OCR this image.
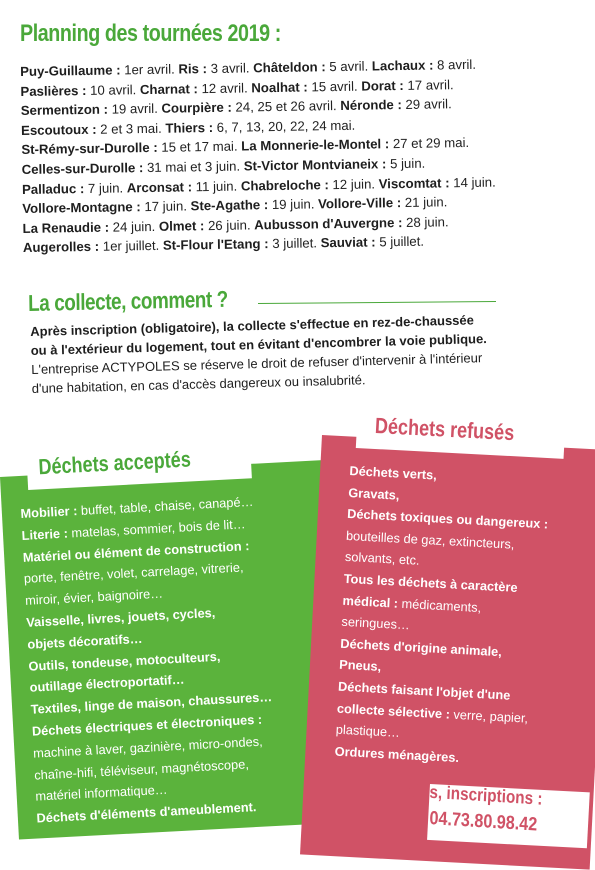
Planning des tournées 2019 :
Puy-Guillaume : 1er avril. Ris : 3 avril. Châteldon : 5 avril. Lachaux : 8 avril.
Paslières : 10 avril. Charnat : 12 avril. Noalhat : 15 avril. Dorat : 17 avril.
Sermentizon : 19 avril. Courpière : 24, 25 et 26 avril. Néronde : 29 avril.
Escoutoux : 2 et 3 mai. Thiers : 6, 7, 13, 20, 22, 24 mai.
St-Rémy-sur-Durolle : 15 et 17 mai. La Monnerie-le-Montel : 27 et 29 mai.
Celles-sur-Durolle : 31 mai et 3 juin. St-Victor Montvianeix : 5 juin.
Palladuc : 7 juin. Arconsat : 11 juin. Chabreloche : 12 juin. Viscomtat : 14 juin.
Vollore-Montagne : 17 juin. Ste-Agathe : 19 juin. Vollore-Ville : 21 juin.
La Renaudie : 24 juin. Olmet : 26 juin. Aubusson d'Auvergne : 28 juin.
Augerolles : 1er juillet. St-Flour l'Etang : 3 juillet. Sauviat : 5 juillet.
La collecte, comment ?
Après inscription (obligatoire), la collecte s'effectue en rez-de-chaussée
ou à l'extérieur du logement, tout en évitant d'encombrer la voie publique.
L'entreprise ACTYPOLES se réserve le droit de refuser d'intervenir à l'intérieur
d'une habitation, en cas d'accès dangereux ou insalubrité.
Déchets acceptés
Mobilier : buffet, table, chaise, canapé…
Literie : matelas, sommier, bois de lit…
Matériel ou élément de construction :
porte, fenêtre, volet, carrelage, vitrerie,
miroir, évier, baignoire…
Vaisselle, livres, jouets, cycles,
objets décoratifs…
Outils, tondeuse, motoculteurs,
outillage électroportatif…
Textiles, linge de maison, chaussures…
Déchets électriques et électroniques :
machine à laver, gazinière, micro-ondes,
chaîne-hifi, téléviseur, magnétoscope,
matériel informatique…
Déchets d'éléments d'ameublement.
Déchets refusés
Déchets verts,
Gravats,
Déchets toxiques ou dangereux :
bouteilles de gaz, extincteurs,
solvants, etc.
Tous les déchets à caractère
médical : médicaments,
seringues…
Déchets d'origine animale,
Pneus,
Déchets faisant l'objet d'une
collecte sélective : verre, papier,
plastique…
Ordures ménagères.
Infos, inscriptions :
04.73.80.98.42
